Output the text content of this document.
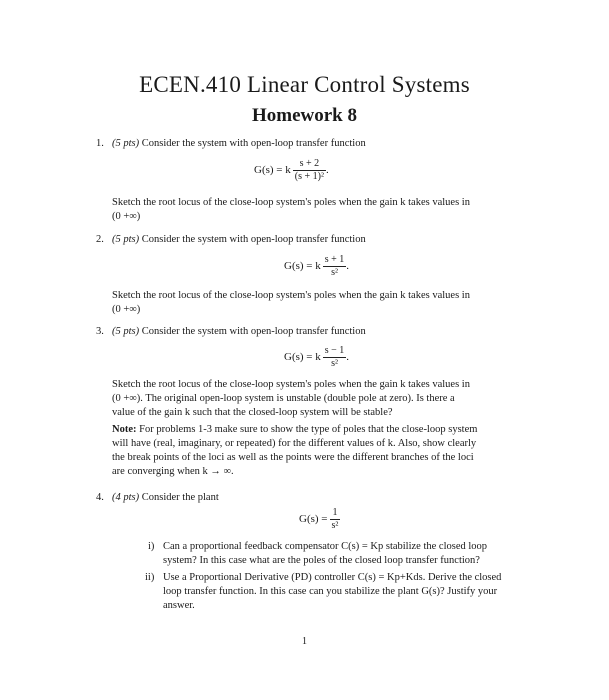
ECEN.410 Linear Control Systems
Homework 8
1. (5 pts) Consider the system with open-loop transfer function
G(s) = k $\frac{s + 2}{\text{(s + 1)²}}$ .
Sketch the root locus of the close-loop system's poles when the gain k takes values in
(0 +∞)
2. (5 pts) Consider the system with open-loop transfer function
G(s) = k $\frac{s + 1}{\text{s²}}$ .
Sketch the root locus of the close-loop system's poles when the gain k takes values in
(0 +∞)
3. (5 pts) Consider the system with open-loop transfer function
G(s) = k $\frac{s - 1}{\text{s²}}$ .
Sketch the root locus of the close-loop system's poles when the gain k takes values in
(0 +∞). The original open-loop system is unstable (double pole at zero). Is there a
value of the gain k such that the closed-loop system will be stable?
Note: For problems 1-3 make sure to show the type of poles that the close-loop system
will have (real, imaginary, or repeated) for the different values of k. Also, show clearly
the break points of the loci as well as the points were the different branches of the loci
are converging when k → ∞.
4. (4 pts) Consider the plant
$G(s) = \frac{1}{\text{s²}}$
i) Can a proportional feedback compensator C(s) = Kp stabilize the closed loop
system? In this case what are the poles of the closed loop transfer function?
ii) Use a Proportional Derivative (PD) controller C(s) = Kp+Kds. Derive the closed
loop transfer function. In this case can you stabilize the plant G(s)? Justify your
answer.
1
